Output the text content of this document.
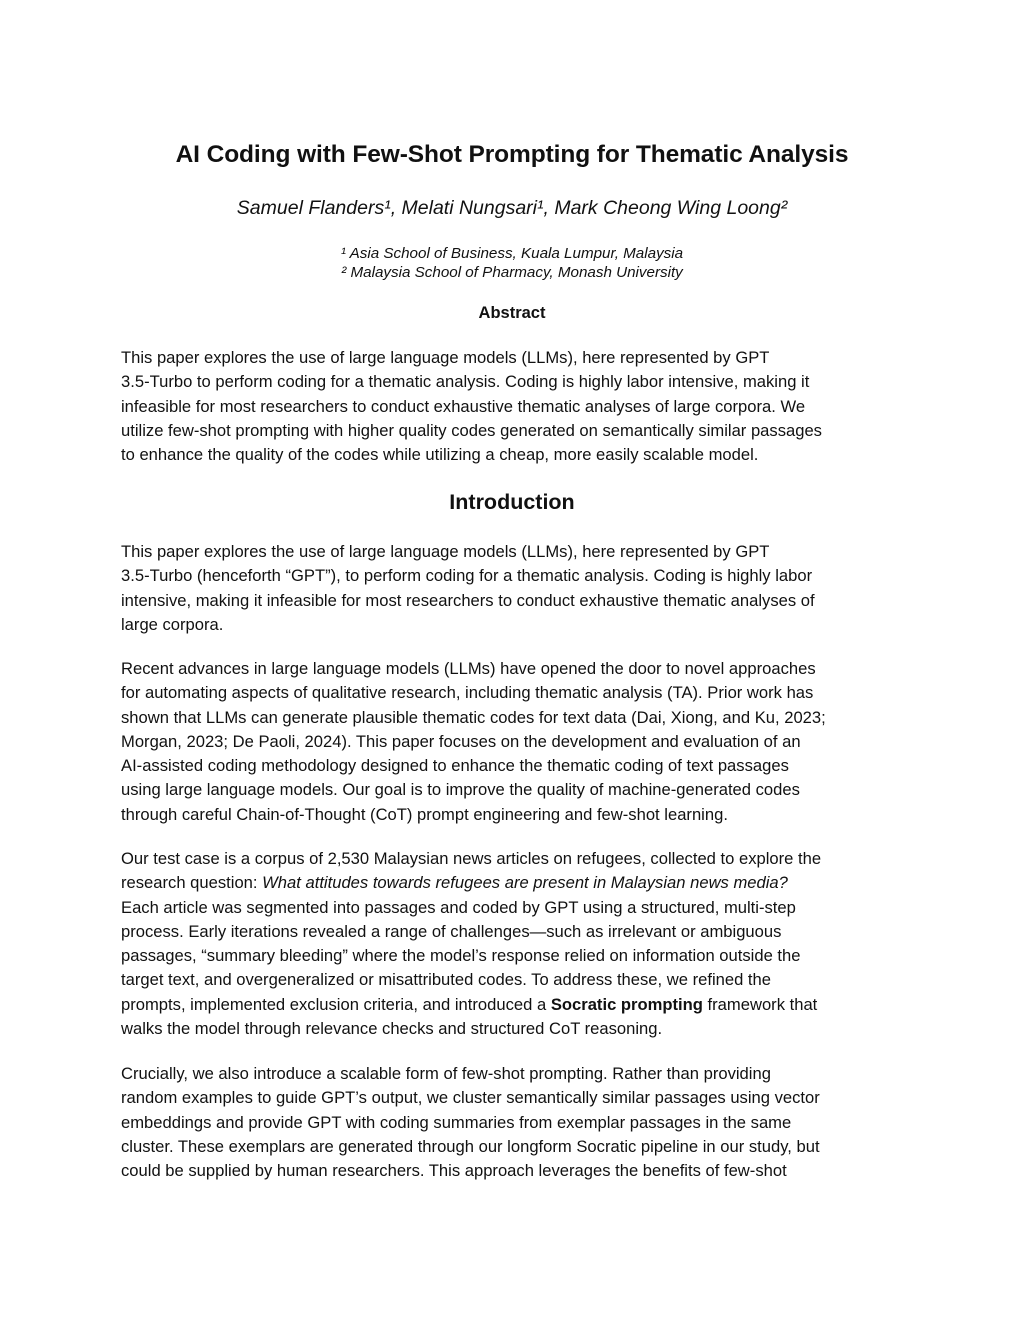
AI Coding with Few-Shot Prompting for Thematic Analysis
Samuel Flanders¹, Melati Nungsari¹, Mark Cheong Wing Loong²
¹ Asia School of Business, Kuala Lumpur, Malaysia
² Malaysia School of Pharmacy, Monash University
Abstract
This paper explores the use of large language models (LLMs), here represented by GPT
3.5-Turbo to perform coding for a thematic analysis. Coding is highly labor intensive, making it
infeasible for most researchers to conduct exhaustive thematic analyses of large corpora. We
utilize few-shot prompting with higher quality codes generated on semantically similar passages
to enhance the quality of the codes while utilizing a cheap, more easily scalable model.
Introduction
This paper explores the use of large language models (LLMs), here represented by GPT
3.5-Turbo (henceforth “GPT”), to perform coding for a thematic analysis. Coding is highly labor
intensive, making it infeasible for most researchers to conduct exhaustive thematic analyses of
large corpora.
Recent advances in large language models (LLMs) have opened the door to novel approaches
for automating aspects of qualitative research, including thematic analysis (TA). Prior work has
shown that LLMs can generate plausible thematic codes for text data (Dai, Xiong, and Ku, 2023;
Morgan, 2023; De Paoli, 2024). This paper focuses on the development and evaluation of an
AI-assisted coding methodology designed to enhance the thematic coding of text passages
using large language models. Our goal is to improve the quality of machine-generated codes
through careful Chain-of-Thought (CoT) prompt engineering and few-shot learning.
Our test case is a corpus of 2,530 Malaysian news articles on refugees, collected to explore the
research question: What attitudes towards refugees are present in Malaysian news media?
Each article was segmented into passages and coded by GPT using a structured, multi-step
process. Early iterations revealed a range of challenges—such as irrelevant or ambiguous
passages, “summary bleeding” where the model’s response relied on information outside the
target text, and overgeneralized or misattributed codes. To address these, we refined the
prompts, implemented exclusion criteria, and introduced a Socratic prompting framework that
walks the model through relevance checks and structured CoT reasoning.
Crucially, we also introduce a scalable form of few-shot prompting. Rather than providing
random examples to guide GPT’s output, we cluster semantically similar passages using vector
embeddings and provide GPT with coding summaries from exemplar passages in the same
cluster. These exemplars are generated through our longform Socratic pipeline in our study, but
could be supplied by human researchers. This approach leverages the benefits of few-shot
